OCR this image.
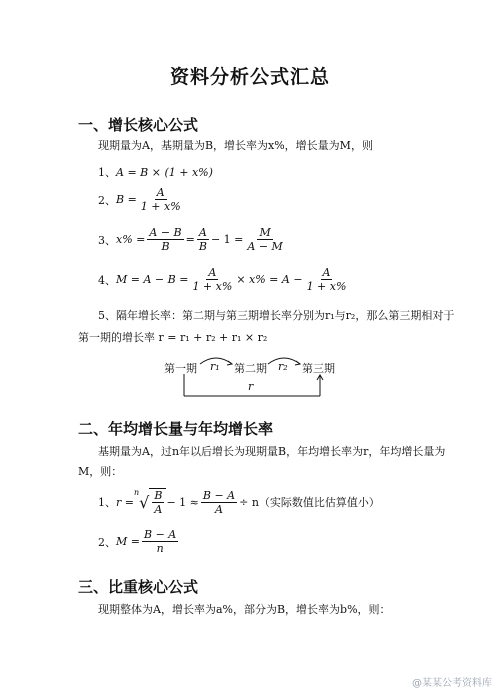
资料分析公式汇总
一、增长核心公式
现期量为A，基期量为B，增长率为x%，增长量为M，则
1、 A = B × (1 + x%)
2、 $B = \frac{A}{1 + x\%}$
3、 $x\% = \frac{A - B}{B} = \frac{A}{B} - 1 = \frac{M}{A - M}$
4、 $M = A - B = \frac{A}{1 + x\%} \times x\% = A - \frac{A}{1 + x\%}$
5、隔年增长率：第二期与第三期增长率分别为r₁与r₂，那么第三期相对于
第一期的增长率 r = r₁ + r₂ + r₁ × r₂
第一期 r₁ 第二期 r₂ 第三期
r
二、年均增长量与年均增长率
基期量为A，过n年以后增长为现期量B，年均增长率为r，年均增长量为
M，则：
1、 r =
n √ $\frac{B}{A} - 1 \approx \frac{B - A}{A} \div n$（实际数值比估算值小）
2、 $M = \frac{B - A}{n}$
三、比重核心公式
现期整体为A，增长率为a%，部分为B，增长率为b%，则：
@某某公考资料库
